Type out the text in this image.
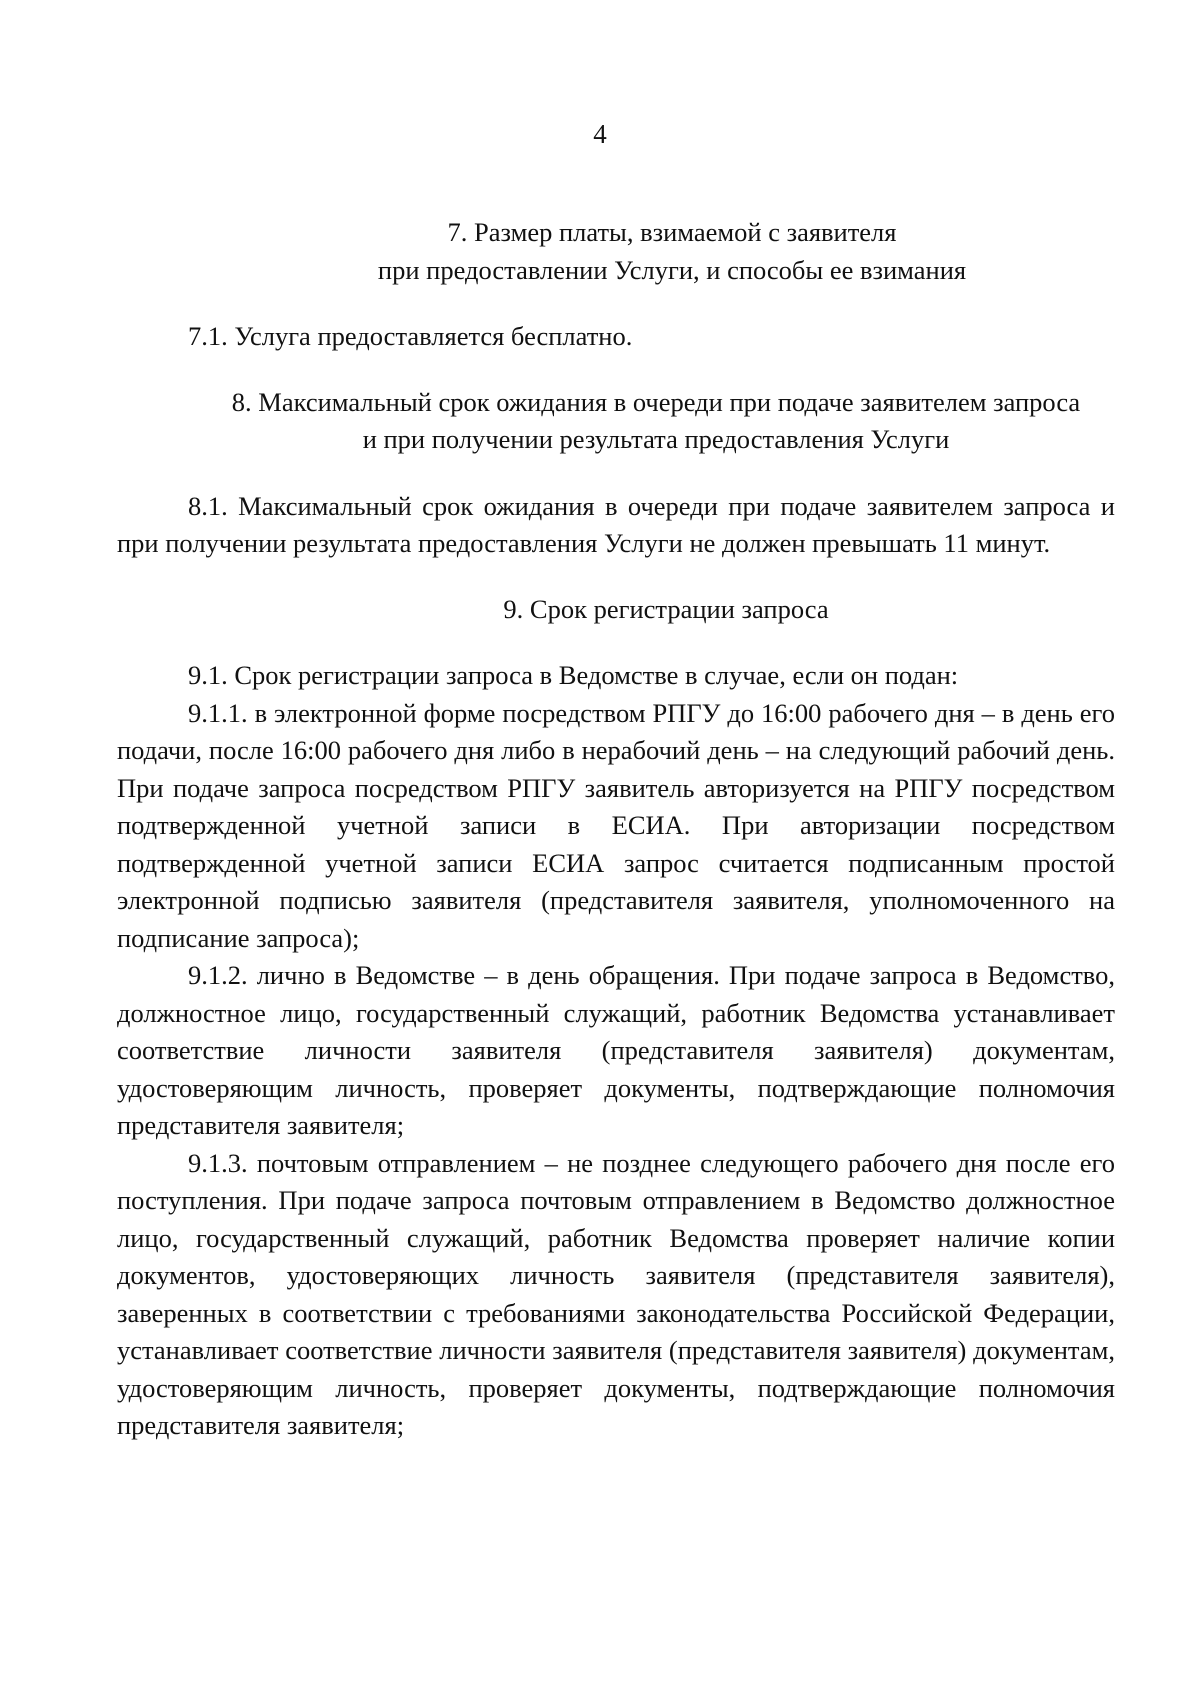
4
7. Размер платы, взимаемой с заявителя
при предоставлении Услуги, и способы ее взимания

7.1. Услуга предоставляется бесплатно.

8. Максимальный срок ожидания в очереди при подаче заявителем запроса
и при получении результата предоставления Услуги

8.1. Максимальный срок ожидания в очереди при подаче заявителем запроса и при получении результата предоставления Услуги не должен превышать 11 минут.

9. Срок регистрации запроса

9.1. Срок регистрации запроса в Ведомстве в случае, если он подан:

9.1.1. в электронной форме посредством РПГУ до 16:00 рабочего дня – в день его подачи, после 16:00 рабочего дня либо в нерабочий день – на следующий рабочий день. При подаче запроса посредством РПГУ заявитель авторизуется на РПГУ посредством подтвержденной учетной записи в ЕСИА. При авторизации посредством подтвержденной учетной записи ЕСИА запрос считается подписанным простой электронной подписью заявителя (представителя заявителя, уполномоченного на подписание запроса);

9.1.2. лично в Ведомстве – в день обращения. При подаче запроса в Ведомство, должностное лицо, государственный служащий, работник Ведомства устанавливает соответствие личности заявителя (представителя заявителя) документам, удостоверяющим личность, проверяет документы, подтверждающие полномочия представителя заявителя;

9.1.3. почтовым отправлением – не позднее следующего рабочего дня после его поступления. При подаче запроса почтовым отправлением в Ведомство должностное лицо, государственный служащий, работник Ведомства проверяет наличие копии документов, удостоверяющих личность заявителя (представителя заявителя), заверенных в соответствии с требованиями законодательства Российской Федерации, устанавливает соответствие личности заявителя (представителя заявителя) документам, удостоверяющим личность, проверяет документы, подтверждающие полномочия представителя заявителя;
